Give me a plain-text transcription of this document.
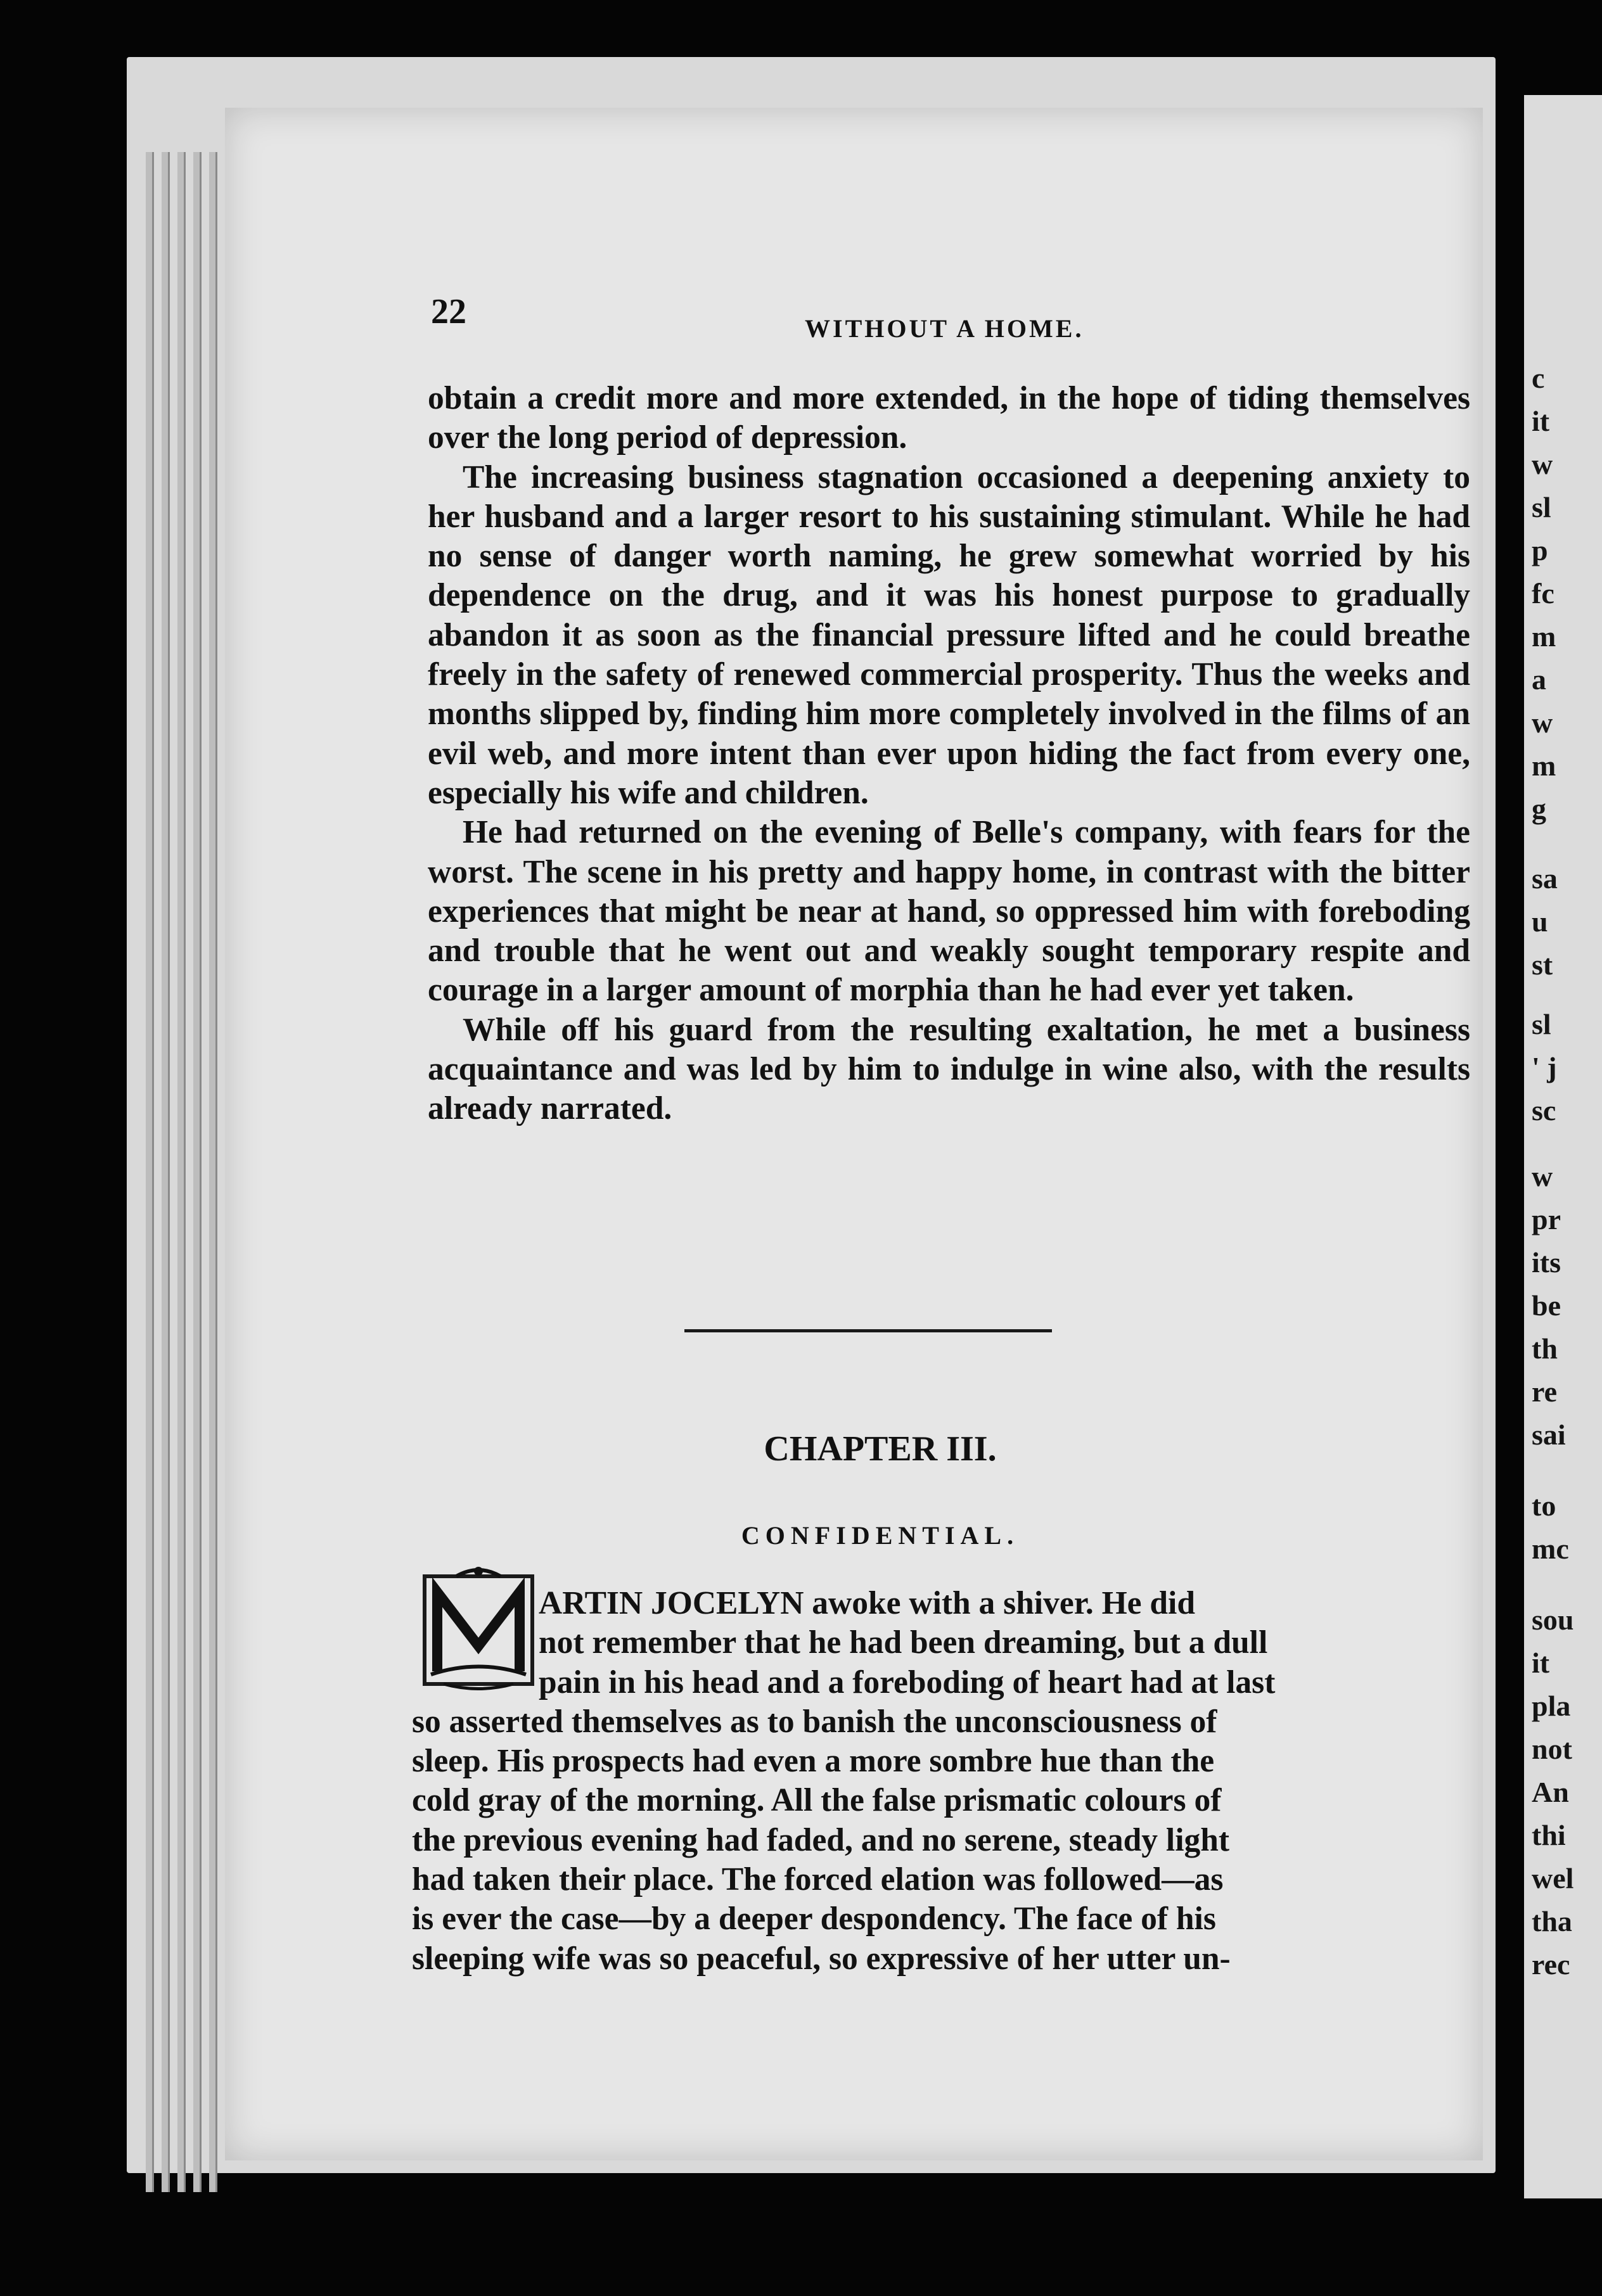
c
it
w
sl
p
fc
m
a
w
m
g
sa
u
st
sl
' j
sc
w
pr
its
be
th
re
sai
to
mc
sou
it
pla
not
An
thi
wel
tha
rec
22	WITHOUT A HOME.

obtain a credit more and more extended, in the hope of tiding themselves over the long period of depression.

The increasing business stagnation occasioned a deepening anxiety to her husband and a larger resort to his sustaining stimulant. While he had no sense of danger worth naming, he grew somewhat worried by his dependence on the drug, and it was his honest purpose to gradually abandon it as soon as the financial pressure lifted and he could breathe freely in the safety of renewed commercial prosperity. Thus the weeks and months slipped by, finding him more completely involved in the films of an evil web, and more intent than ever upon hiding the fact from every one, especially his wife and children.

He had returned on the evening of Belle's company, with fears for the worst. The scene in his pretty and happy home, in contrast with the bitter experiences that might be near at hand, so oppressed him with foreboding and trouble that he went out and weakly sought temporary respite and courage in a larger amount of morphia than he had ever yet taken.

While off his guard from the resulting exaltation, he met a business acquaintance and was led by him to indulge in wine also, with the results already narrated.

CHAPTER III.
CONFIDENTIAL.
ARTIN JOCELYN awoke with a shiver. He did
not remember that he had been dreaming, but a dull
pain in his head and a foreboding of heart had at last
so asserted themselves as to banish the unconsciousness of
sleep. His prospects had even a more sombre hue than the
cold gray of the morning. All the false prismatic colours of
the previous evening had faded, and no serene, steady light
had taken their place. The forced elation was followed—as
is ever the case—by a deeper despondency. The face of his
sleeping wife was so peaceful, so expressive of her utter un-
